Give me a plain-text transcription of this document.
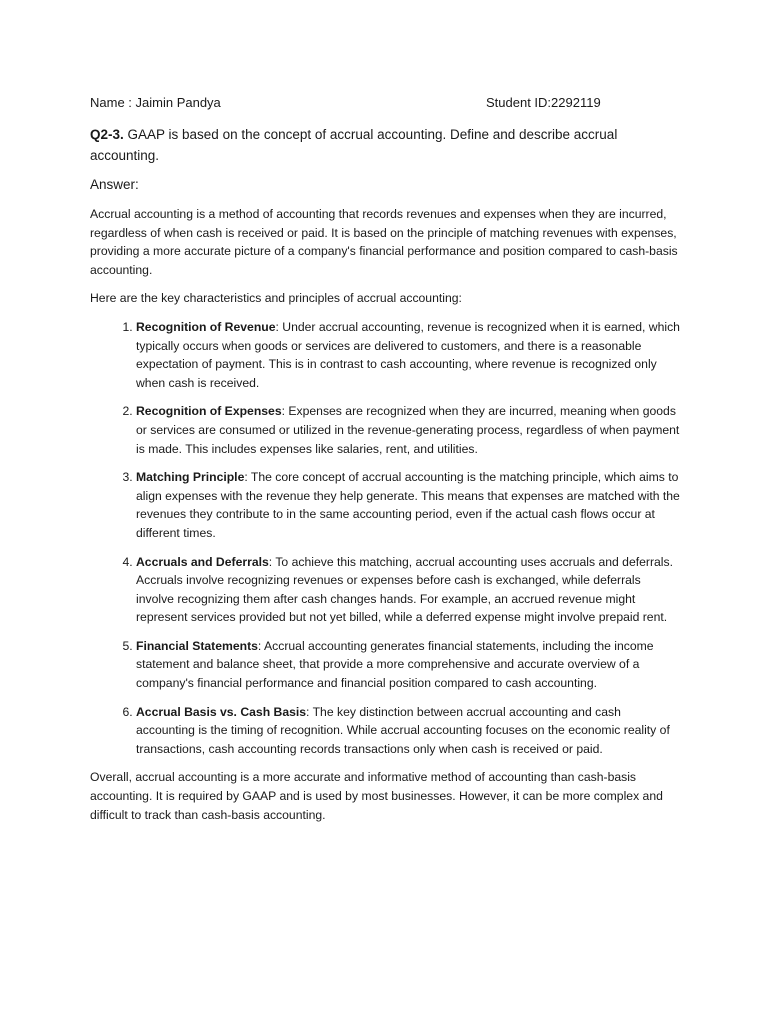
Name : Jaimin Pandya	Student ID:2292119
Q2-3. GAAP is based on the concept of accrual accounting. Define and describe accrual accounting.
Answer:

Accrual accounting is a method of accounting that records revenues and expenses when they are incurred, regardless of when cash is received or paid. It is based on the principle of matching revenues with expenses, providing a more accurate picture of a company's financial performance and position compared to cash-basis accounting.

Here are the key characteristics and principles of accrual accounting:

1. Recognition of Revenue: Under accrual accounting, revenue is recognized when it is earned, which typically occurs when goods or services are delivered to customers, and there is a reasonable expectation of payment. This is in contrast to cash accounting, where revenue is recognized only when cash is received.
2. Recognition of Expenses: Expenses are recognized when they are incurred, meaning when goods or services are consumed or utilized in the revenue-generating process, regardless of when payment is made. This includes expenses like salaries, rent, and utilities.
3. Matching Principle: The core concept of accrual accounting is the matching principle, which aims to align expenses with the revenue they help generate. This means that expenses are matched with the revenues they contribute to in the same accounting period, even if the actual cash flows occur at different times.
4. Accruals and Deferrals: To achieve this matching, accrual accounting uses accruals and deferrals. Accruals involve recognizing revenues or expenses before cash is exchanged, while deferrals involve recognizing them after cash changes hands. For example, an accrued revenue might represent services provided but not yet billed, while a deferred expense might involve prepaid rent.
5. Financial Statements: Accrual accounting generates financial statements, including the income statement and balance sheet, that provide a more comprehensive and accurate overview of a company's financial performance and financial position compared to cash accounting.
6. Accrual Basis vs. Cash Basis: The key distinction between accrual accounting and cash accounting is the timing of recognition. While accrual accounting focuses on the economic reality of transactions, cash accounting records transactions only when cash is received or paid.

Overall, accrual accounting is a more accurate and informative method of accounting than cash-basis accounting. It is required by GAAP and is used by most businesses. However, it can be more complex and difficult to track than cash-basis accounting.
